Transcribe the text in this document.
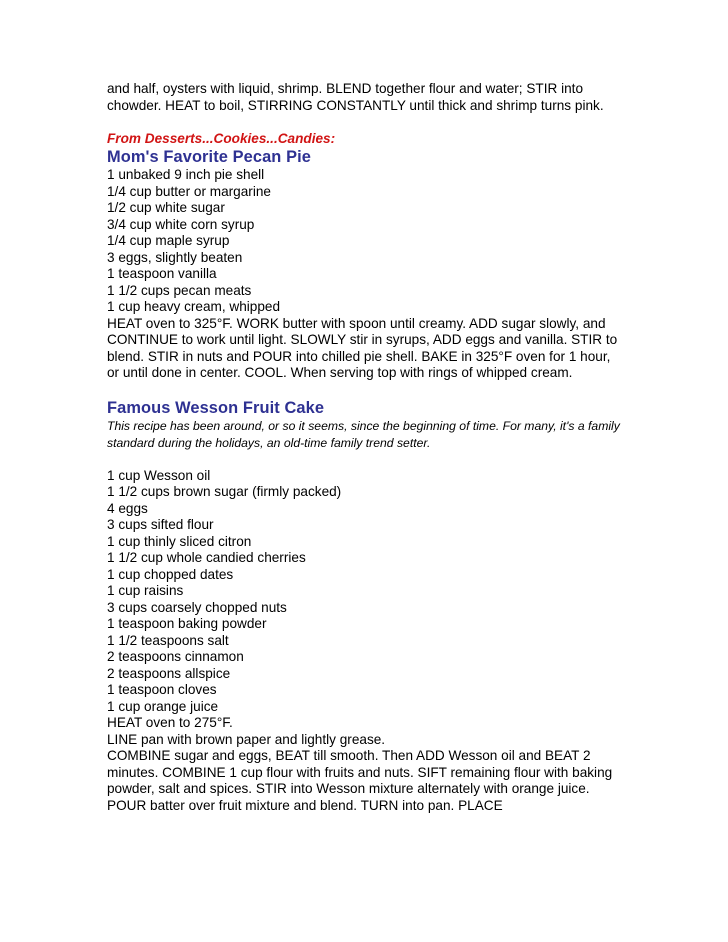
and half, oysters with liquid, shrimp. BLEND together flour and water; STIR into chowder. HEAT to boil, STIRRING CONSTANTLY until thick and shrimp turns pink.

From Desserts...Cookies...Candies:

Mom's Favorite Pecan Pie

1 unbaked 9 inch pie shell

1/4 cup butter or margarine

1/2 cup white sugar

3/4 cup white corn syrup

1/4 cup maple syrup

3 eggs, slightly beaten

1 teaspoon vanilla

1 1/2 cups pecan meats

1 cup heavy cream, whipped

HEAT oven to 325°F. WORK butter with spoon until creamy. ADD sugar slowly, and CONTINUE to work until light. SLOWLY stir in syrups, ADD eggs and vanilla. STIR to blend. STIR in nuts and POUR into chilled pie shell. BAKE in 325°F oven for 1 hour, or until done in center. COOL. When serving top with rings of whipped cream.

Famous Wesson Fruit Cake

This recipe has been around, or so it seems, since the beginning of time. For many, it's a family standard during the holidays, an old-time family trend setter.

1 cup Wesson oil

1 1/2 cups brown sugar (firmly packed)

4 eggs

3 cups sifted flour

1 cup thinly sliced citron

1 1/2 cup whole candied cherries

1 cup chopped dates

1 cup raisins

3 cups coarsely chopped nuts

1 teaspoon baking powder

1 1/2 teaspoons salt

2 teaspoons cinnamon

2 teaspoons allspice

1 teaspoon cloves

1 cup orange juice

HEAT oven to 275°F.

LINE pan with brown paper and lightly grease.

COMBINE sugar and eggs, BEAT till smooth. Then ADD Wesson oil and BEAT 2 minutes. COMBINE 1 cup flour with fruits and nuts. SIFT remaining flour with baking powder, salt and spices. STIR into Wesson mixture alternately with orange juice. POUR batter over fruit mixture and blend. TURN into pan. PLACE
